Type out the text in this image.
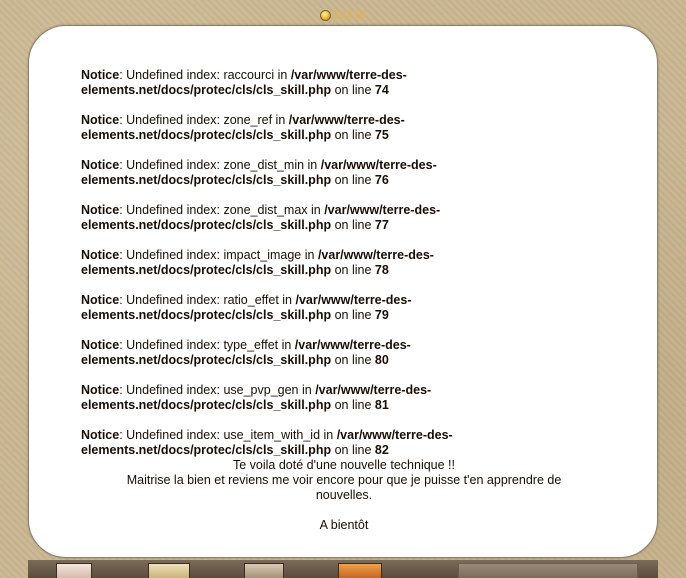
26210
Notice: Undefined index: raccourci in /var/www/terre-des-elements.net/docs/protec/cls/cls_skill.php on line 74
Notice: Undefined index: zone_ref in /var/www/terre-des-elements.net/docs/protec/cls/cls_skill.php on line 75
Notice: Undefined index: zone_dist_min in /var/www/terre-des-elements.net/docs/protec/cls/cls_skill.php on line 76
Notice: Undefined index: zone_dist_max in /var/www/terre-des-elements.net/docs/protec/cls/cls_skill.php on line 77
Notice: Undefined index: impact_image in /var/www/terre-des-elements.net/docs/protec/cls/cls_skill.php on line 78
Notice: Undefined index: ratio_effet in /var/www/terre-des-elements.net/docs/protec/cls/cls_skill.php on line 79
Notice: Undefined index: type_effet in /var/www/terre-des-elements.net/docs/protec/cls/cls_skill.php on line 80
Notice: Undefined index: use_pvp_gen in /var/www/terre-des-elements.net/docs/protec/cls/cls_skill.php on line 81
Notice: Undefined index: use_item_with_id in /var/www/terre-des-elements.net/docs/protec/cls/cls_skill.php on line 82

Te voila doté d'une nouvelle technique !!

Maitrise la bien et reviens me voir encore pour que je puisse t'en apprendre de nouvelles.

A bientôt
